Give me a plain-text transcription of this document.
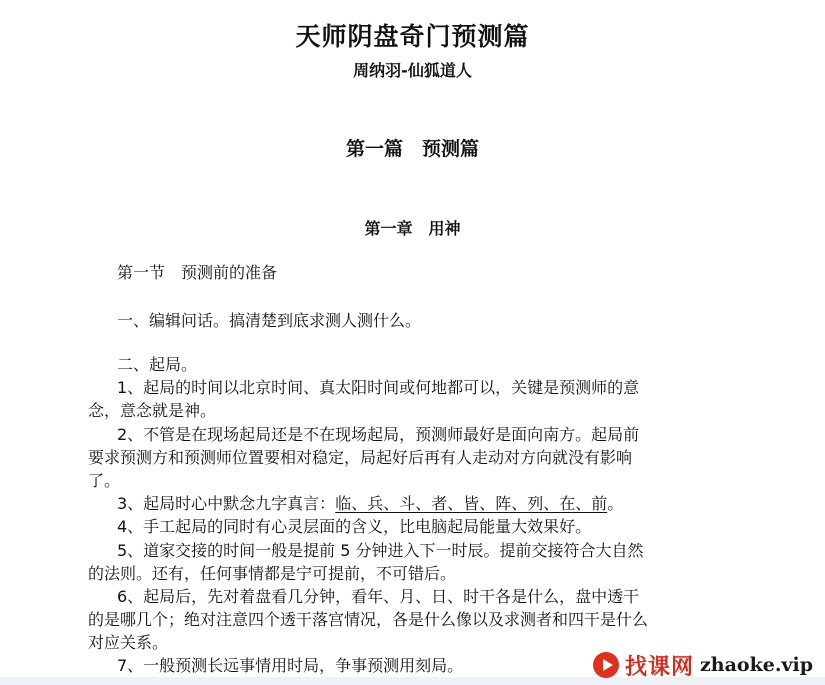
天师阴盘奇门预测篇
周纳羽-仙狐道人
第一篇　预测篇
第一章　用神
第一节　预测前的准备
一、编辑问话。搞清楚到底求测人测什么。
二、起局。
1、起局的时间以北京时间、真太阳时间或何地都可以，关键是预测师的意
念，意念就是神。
2、不管是在现场起局还是不在现场起局，预测师最好是面向南方。起局前
要求预测方和预测师位置要相对稳定，局起好后再有人走动对方向就没有影响
了。
3、起局时心中默念九字真言：临、兵、斗、者、皆、阵、列、在、前。
4、手工起局的同时有心灵层面的含义，比电脑起局能量大效果好。
5、道家交接的时间一般是提前 5 分钟进入下一时辰。提前交接符合大自然
的法则。还有，任何事情都是宁可提前，不可错后。
6、起局后，先对着盘看几分钟，看年、月、日、时干各是什么，盘中透干
的是哪几个；绝对注意四个透干落宫情况，各是什么像以及求测者和四干是什么
对应关系。
7、一般预测长远事情用时局，争事预测用刻局。	找课网 zhaoke.vip
